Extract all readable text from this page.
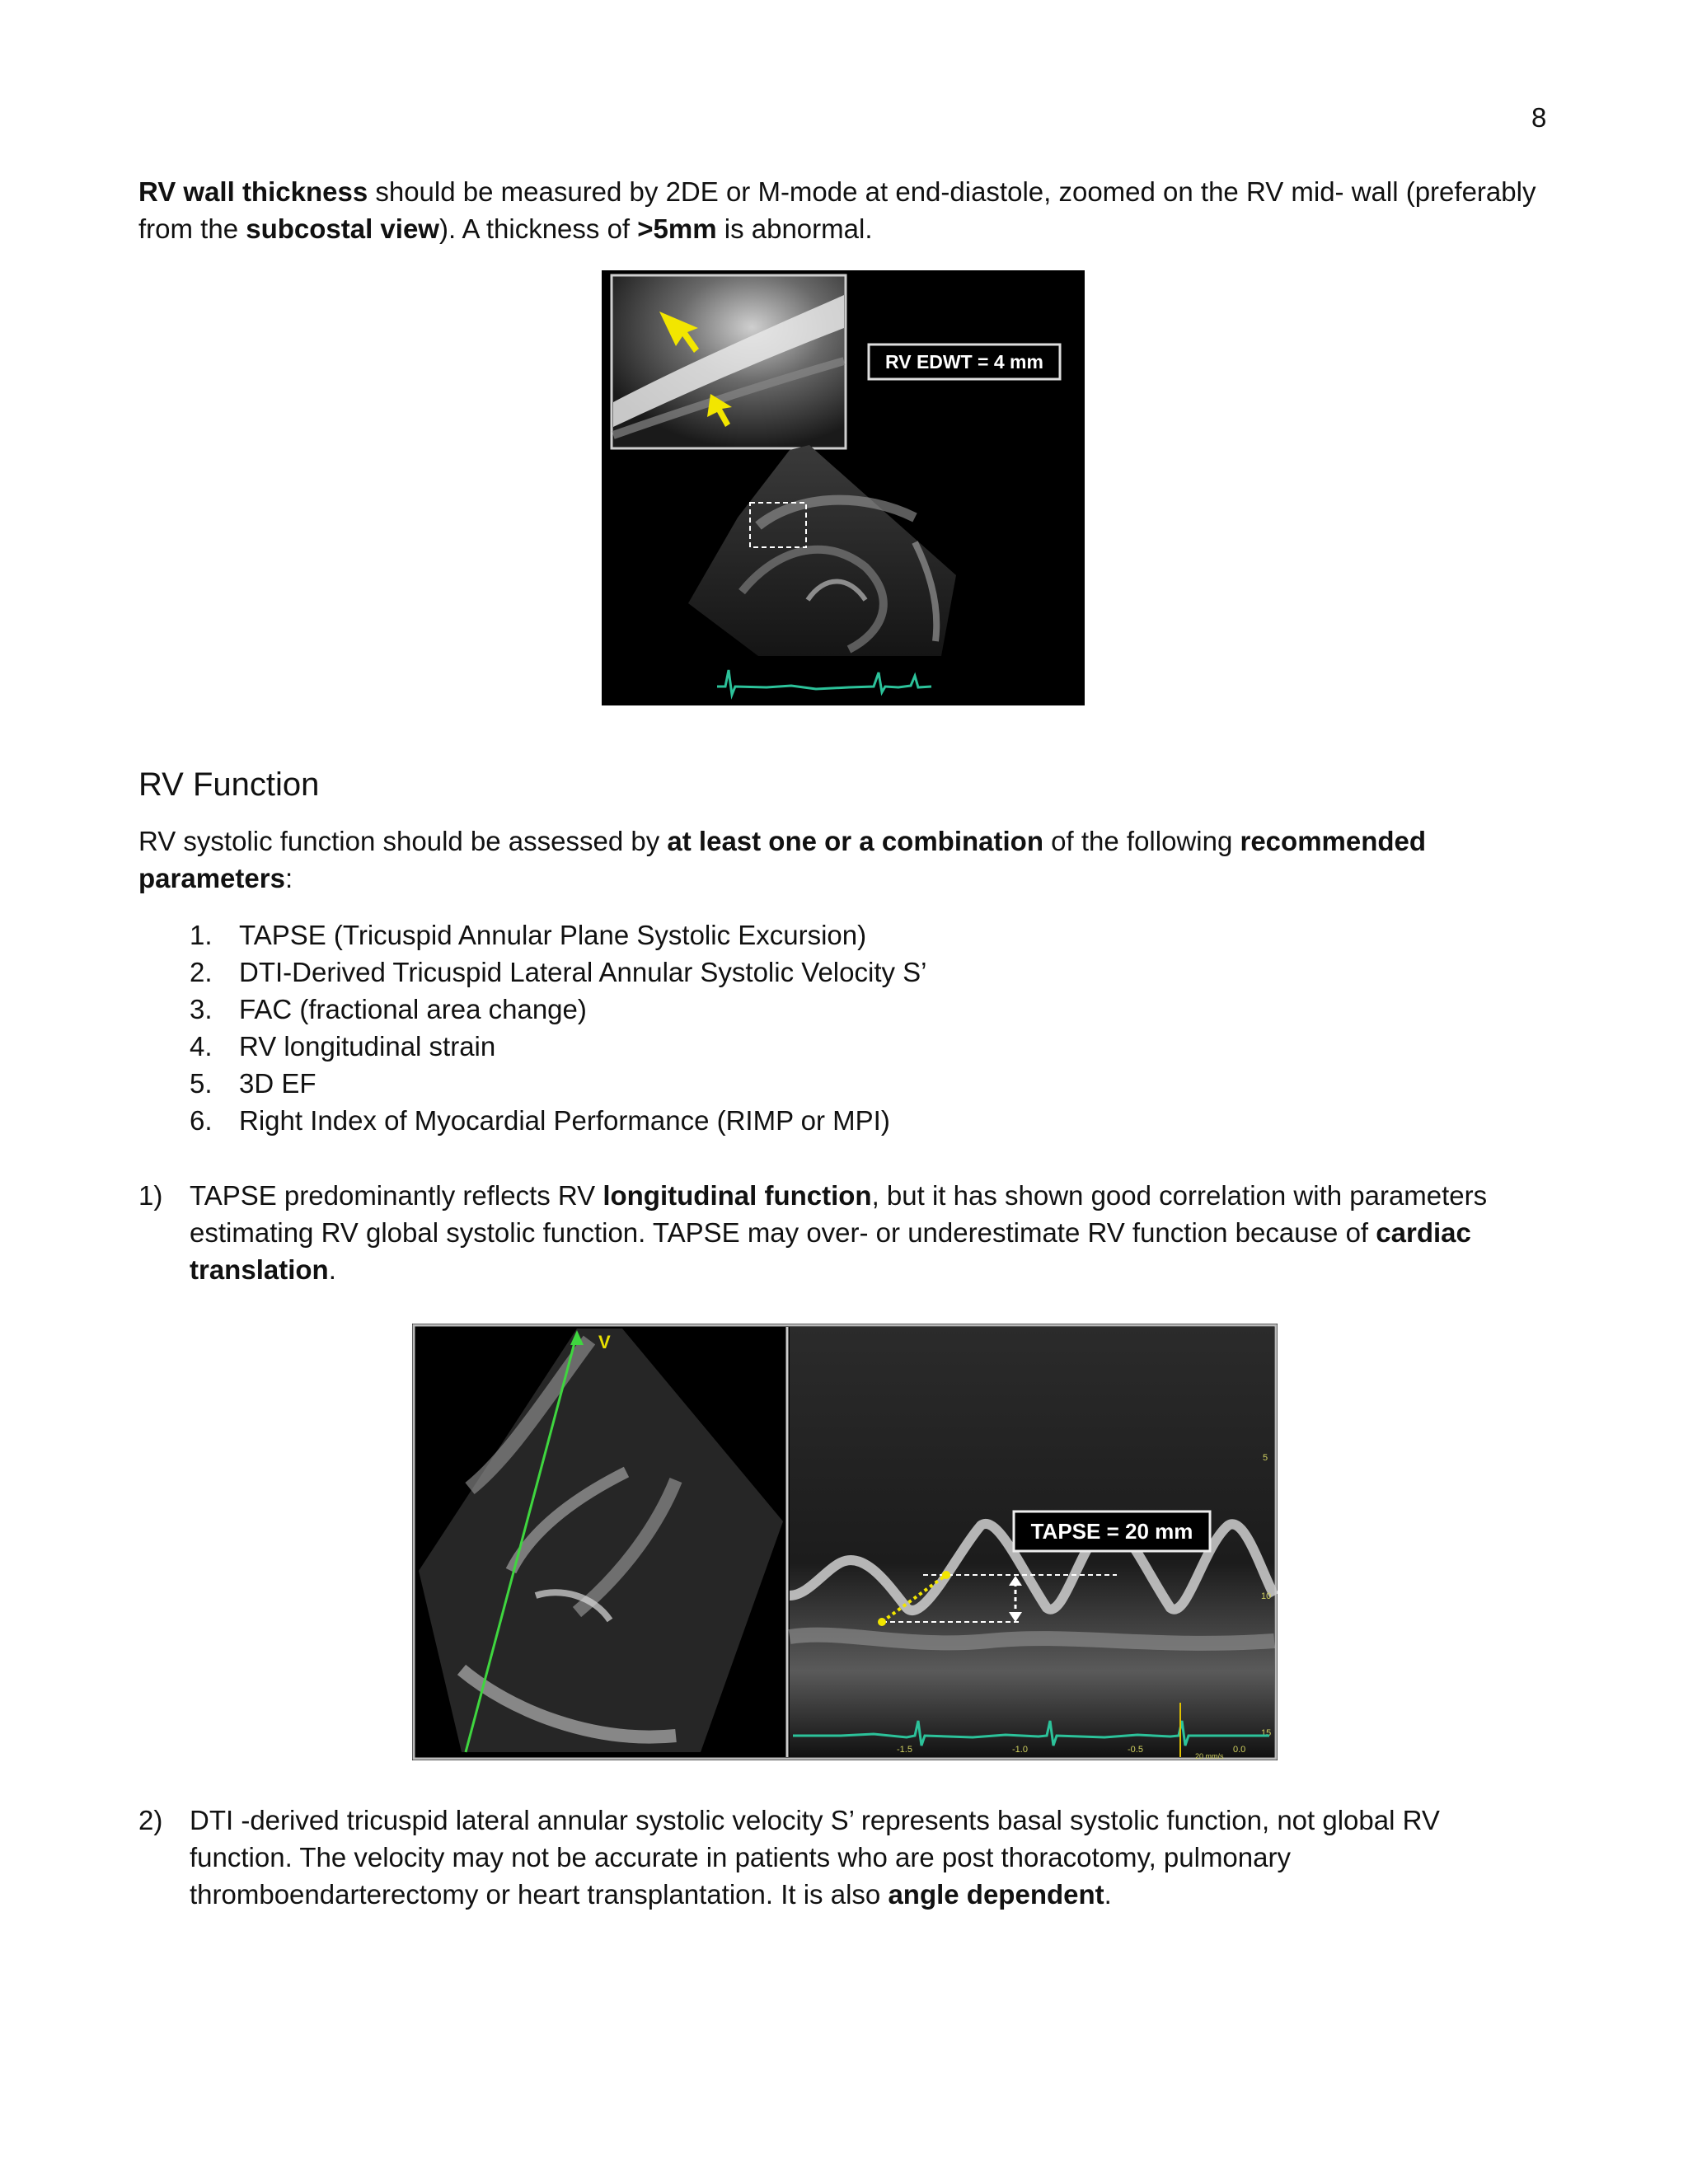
8

RV wall thickness should be measured by 2DE or M-mode at end-diastole, zoomed on the RV mid- wall (preferably from the subcostal view). A thickness of >5mm is abnormal.

RV EDWT = 4 mm
RV Function

RV systolic function should be assessed by at least one or a combination of the following recommended parameters:

1. TAPSE (Tricuspid Annular Plane Systolic Excursion)
2. DTI-Derived Tricuspid Lateral Annular Systolic Velocity S’
3. FAC (fractional area change)
4. RV longitudinal strain
5. 3D EF
6. Right Index of Myocardial Performance (RIMP or MPI)
1) TAPSE predominantly reflects RV longitudinal function, but it has shown good correlation with parameters estimating RV global systolic function. TAPSE may over- or underestimate RV function because of cardiac translation.
V
TAPSE = 20 mm
5
10
15
-1.5	-1.0	-0.5	0.0
20 mm/s
2) DTI -derived tricuspid lateral annular systolic velocity S’ represents basal systolic function, not global RV function. The velocity may not be accurate in patients who are post thoracotomy, pulmonary thromboendarterectomy or heart transplantation. It is also angle dependent.
